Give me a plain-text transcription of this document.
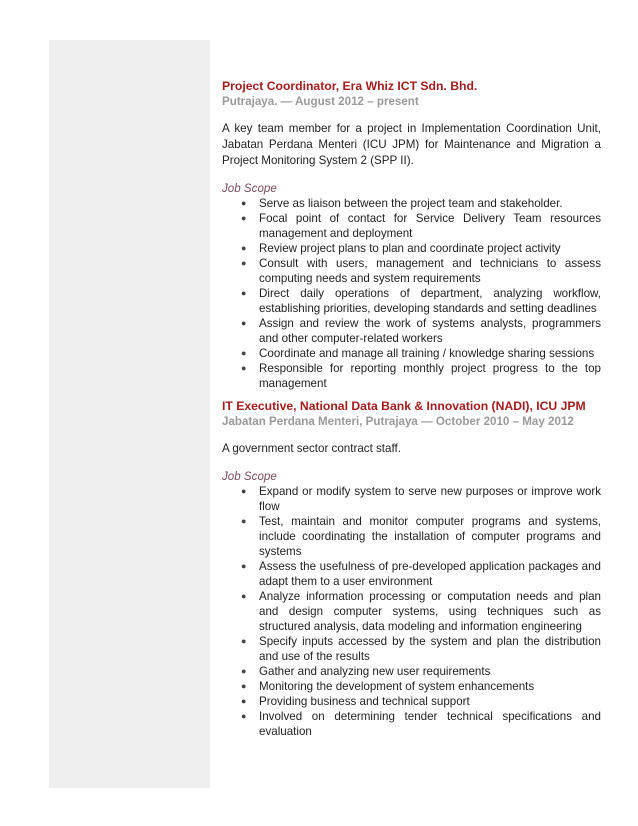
Project Coordinator, Era Whiz ICT Sdn. Bhd.
Putrajaya. — August 2012 – present
A key team member for a project in Implementation Coordination Unit, Jabatan Perdana Menteri (ICU JPM) for Maintenance and Migration a Project Monitoring System 2 (SPP II).
Job Scope
● Serve as liaison between the project team and stakeholder.
● Focal point of contact for Service Delivery Team resources management and deployment
● Review project plans to plan and coordinate project activity
● Consult with users, management and technicians to assess computing needs and system requirements
● Direct daily operations of department, analyzing workflow, establishing priorities, developing standards and setting deadlines
● Assign and review the work of systems analysts, programmers and other computer-related workers
● Coordinate and manage all training / knowledge sharing sessions
● Responsible for reporting monthly project progress to the top management
IT Executive, National Data Bank & Innovation (NADI), ICU JPM
Jabatan Perdana Menteri, Putrajaya — October 2010 – May 2012
A government sector contract staff.
Job Scope
● Expand or modify system to serve new purposes or improve work flow
● Test, maintain and monitor computer programs and systems, include coordinating the installation of computer programs and systems
● Assess the usefulness of pre-developed application packages and adapt them to a user environment
● Analyze information processing or computation needs and plan and design computer systems, using techniques such as structured analysis, data modeling and information engineering
● Specify inputs accessed by the system and plan the distribution and use of the results
● Gather and analyzing new user requirements
● Monitoring the development of system enhancements
● Providing business and technical support
● Involved on determining tender technical specifications and evaluation
